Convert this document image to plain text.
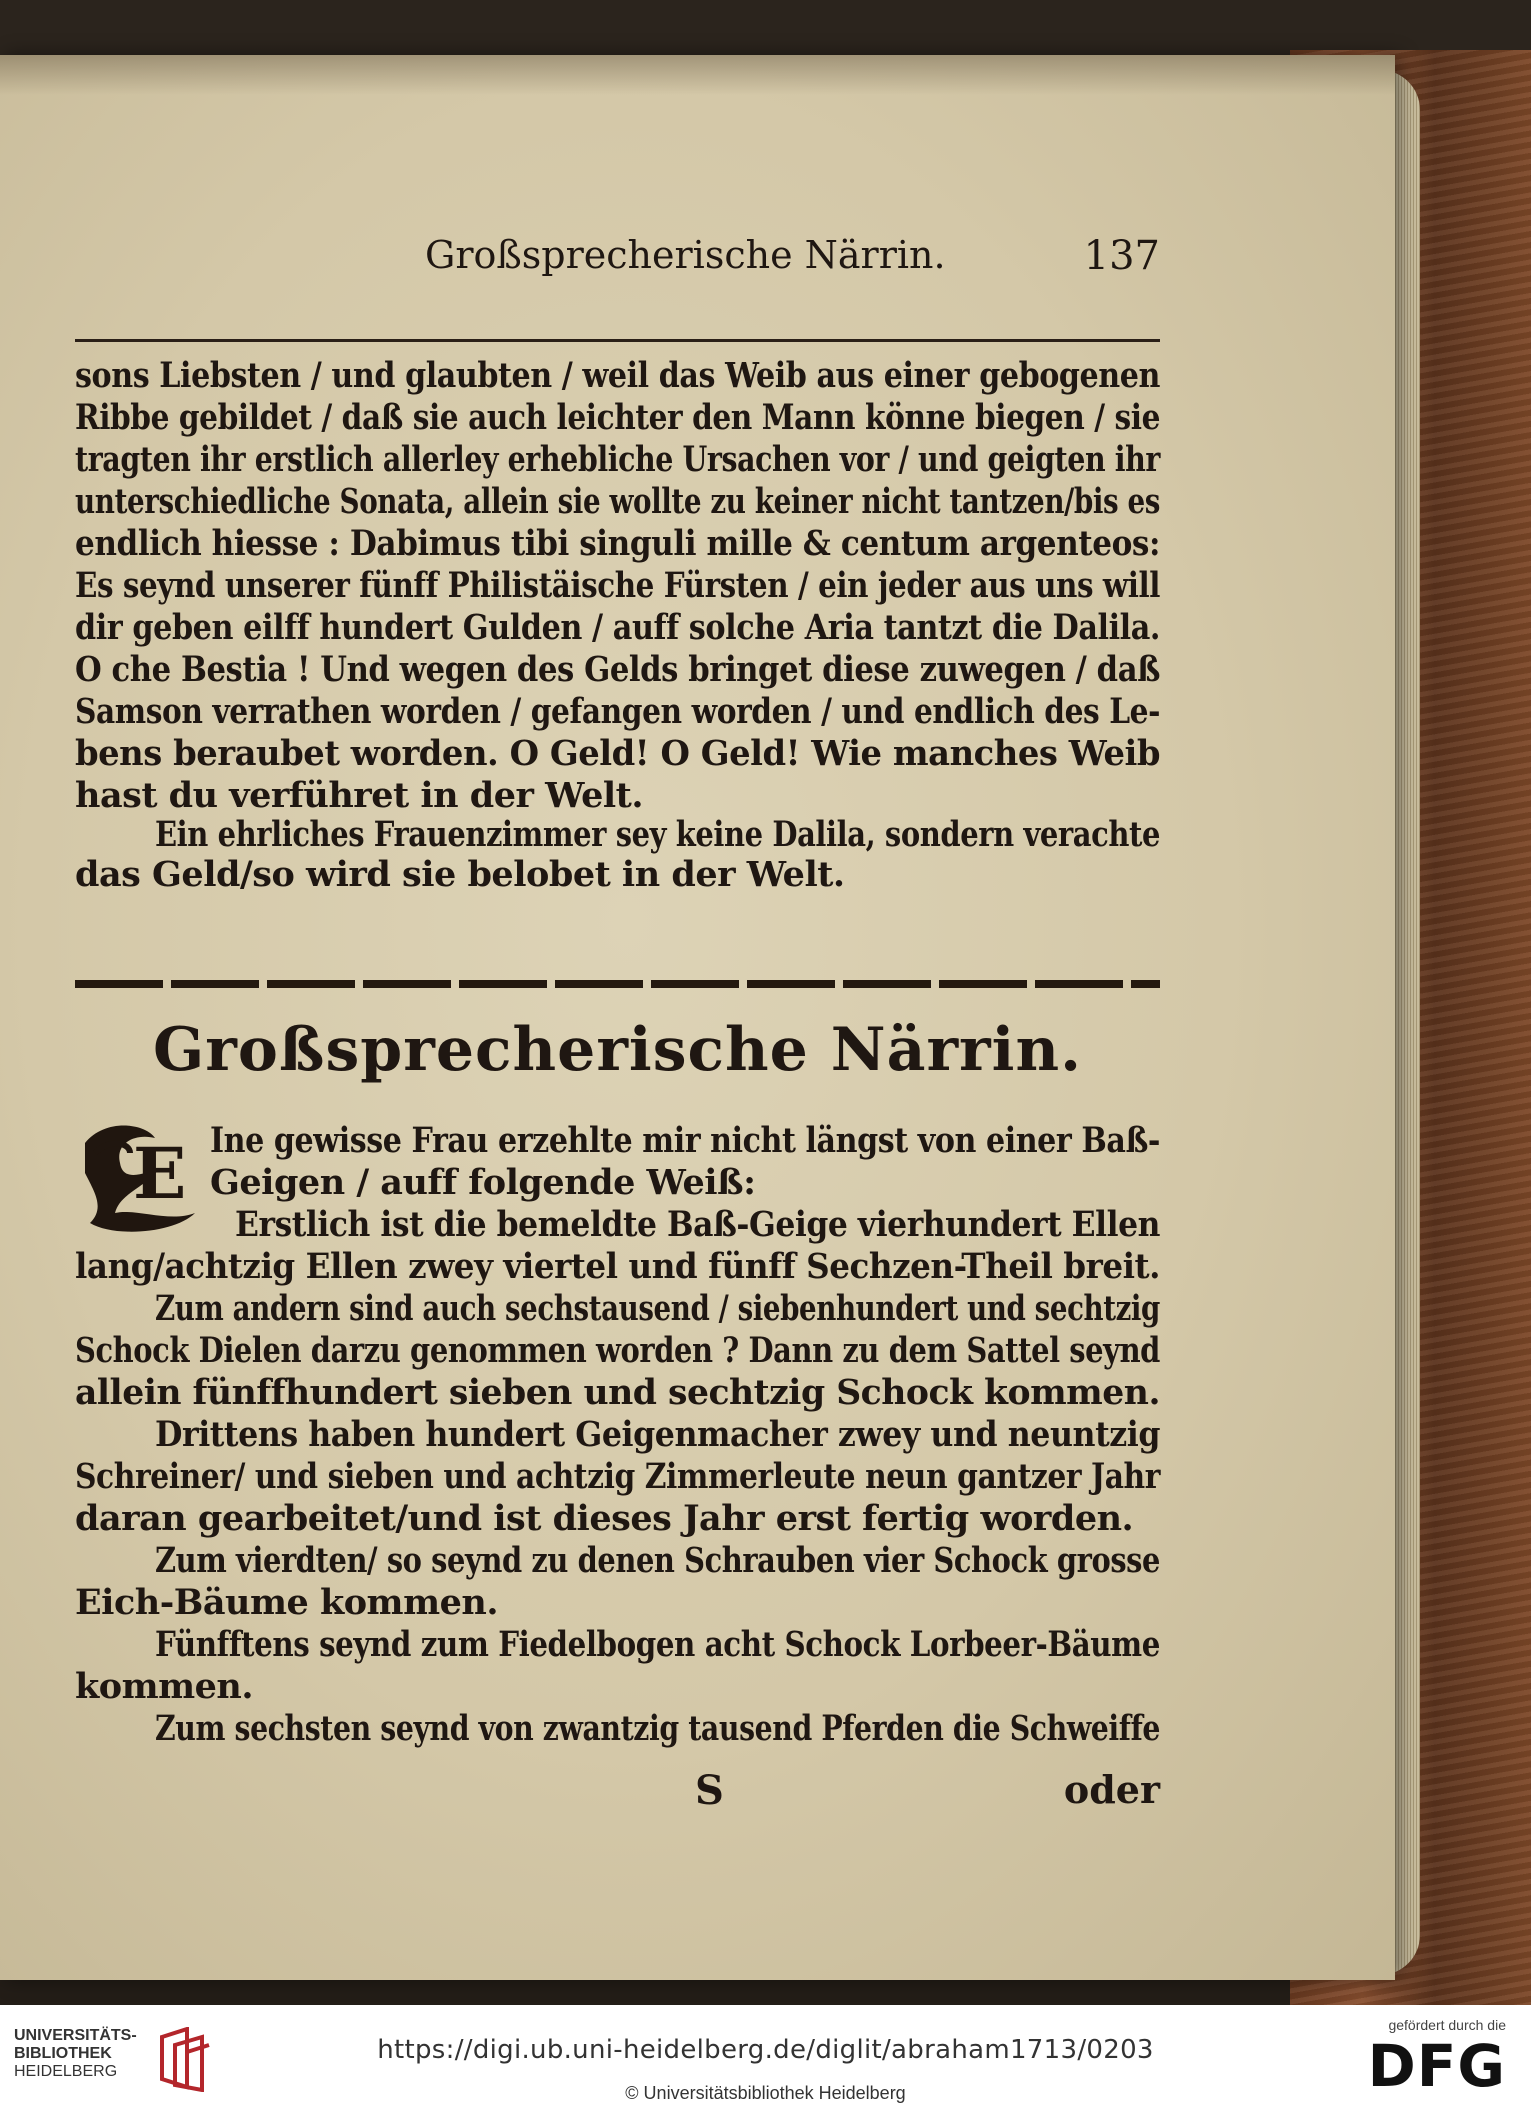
Großsprecherische Närrin.	137
sons Liebsten / und glaubten / weil das Weib aus einer gebogenen
Ribbe gebildet / daß sie auch leichter den Mann könne biegen / sie
tragten ihr erstlich allerley erhebliche Ursachen vor / und geigten ihr
unterschiedliche Sonata, allein sie wollte zu keiner nicht tantzen/bis es
endlich hiesse : Dabimus tibi singuli mille & centum argenteos:
Es seynd unserer fünff Philistäische Fürsten / ein jeder aus uns will
dir geben eilff hundert Gulden / auff solche Aria tantzt die Dalila.
O che Bestia ! Und wegen des Gelds bringet diese zuwegen / daß
Samson verrathen worden / gefangen worden / und endlich des Le-
bens beraubet worden. O Geld! O Geld! Wie manches Weib
hast du verführet in der Welt.
Ein ehrliches Frauenzimmer sey keine Dalila, sondern verachte
das Geld/so wird sie belobet in der Welt.
Großsprecherische Närrin.
E Ine gewisse Frau erzehlte mir nicht längst von einer Baß-
Geigen / auff folgende Weiß:
Erstlich ist die bemeldte Baß-Geige vierhundert Ellen
lang/achtzig Ellen zwey viertel und fünff Sechzen-Theil breit.
Zum andern sind auch sechstausend / siebenhundert und sechtzig
Schock Dielen darzu genommen worden ? Dann zu dem Sattel seynd
allein fünffhundert sieben und sechtzig Schock kommen.
Drittens haben hundert Geigenmacher zwey und neuntzig
Schreiner/ und sieben und achtzig Zimmerleute neun gantzer Jahr
daran gearbeitet/und ist dieses Jahr erst fertig worden.
Zum vierdten/ so seynd zu denen Schrauben vier Schock grosse
Eich-Bäume kommen.
Fünfftens seynd zum Fiedelbogen acht Schock Lorbeer-Bäume
kommen.
Zum sechsten seynd von zwantzig tausend Pferden die Schweiffe
S	oder
UNIVERSITÄTS-
BIBLIOTHEK
HEIDELBERG
https://digi.ub.uni-heidelberg.de/diglit/abraham1713/0203
© Universitätsbibliothek Heidelberg
gefördert durch die
DFG
